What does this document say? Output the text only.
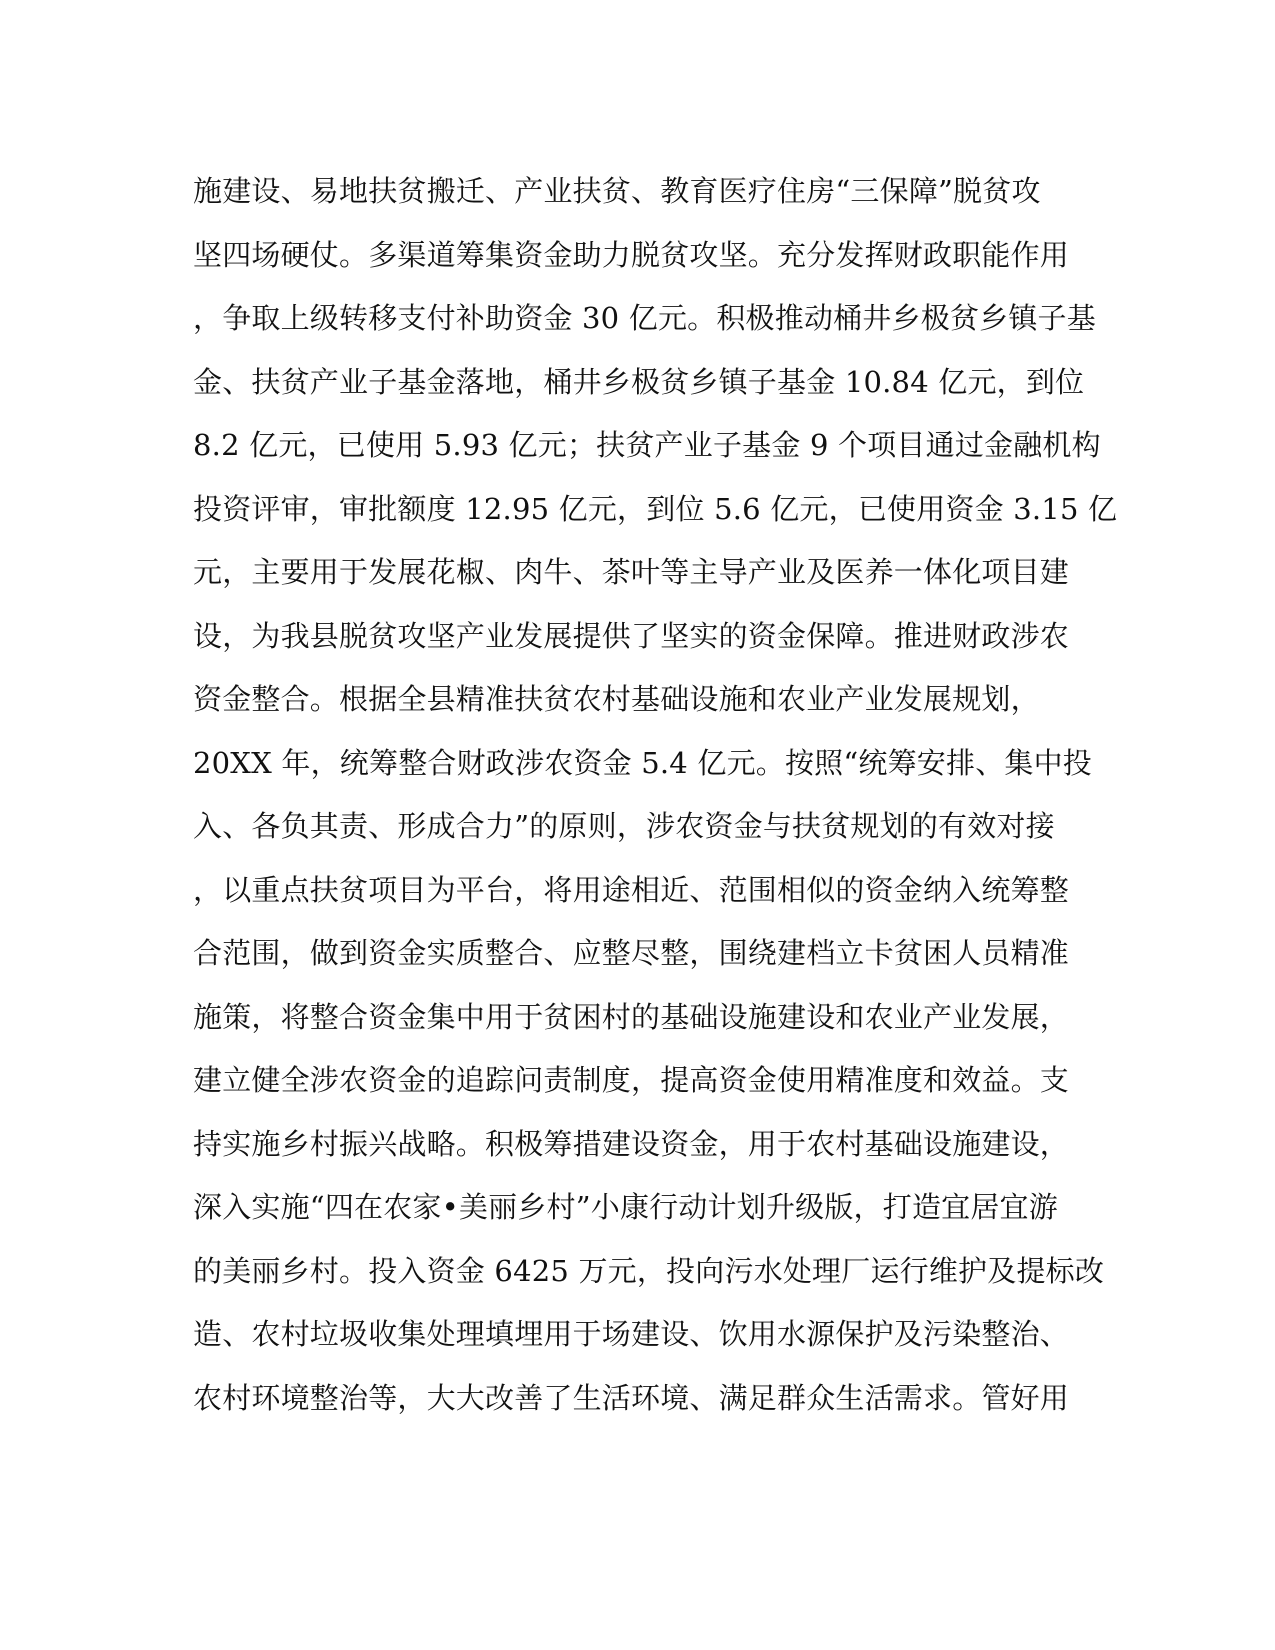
施建设、易地扶贫搬迁、产业扶贫、教育医疗住房“三保障”脱贫攻
坚四场硬仗。多渠道筹集资金助力脱贫攻坚。充分发挥财政职能作用
，争取上级转移支付补助资金 30 亿元。积极推动桶井乡极贫乡镇子基
金、扶贫产业子基金落地，桶井乡极贫乡镇子基金 10.84 亿元，到位
8.2 亿元，已使用 5.93 亿元；扶贫产业子基金 9 个项目通过金融机构
投资评审，审批额度 12.95 亿元，到位 5.6 亿元，已使用资金 3.15 亿
元，主要用于发展花椒、肉牛、茶叶等主导产业及医养一体化项目建
设，为我县脱贫攻坚产业发展提供了坚实的资金保障。推进财政涉农
资金整合。根据全县精准扶贫农村基础设施和农业产业发展规划，
20XX 年，统筹整合财政涉农资金 5.4 亿元。按照“统筹安排、集中投
入、各负其责、形成合力”的原则，涉农资金与扶贫规划的有效对接
，以重点扶贫项目为平台，将用途相近、范围相似的资金纳入统筹整
合范围，做到资金实质整合、应整尽整，围绕建档立卡贫困人员精准
施策，将整合资金集中用于贫困村的基础设施建设和农业产业发展，
建立健全涉农资金的追踪问责制度，提高资金使用精准度和效益。支
持实施乡村振兴战略。积极筹措建设资金，用于农村基础设施建设，
深入实施“四在农家•美丽乡村”小康行动计划升级版，打造宜居宜游
的美丽乡村。投入资金 6425 万元，投向污水处理厂运行维护及提标改
造、农村垃圾收集处理填埋用于场建设、饮用水源保护及污染整治、
农村环境整治等，大大改善了生活环境、满足群众生活需求。管好用
